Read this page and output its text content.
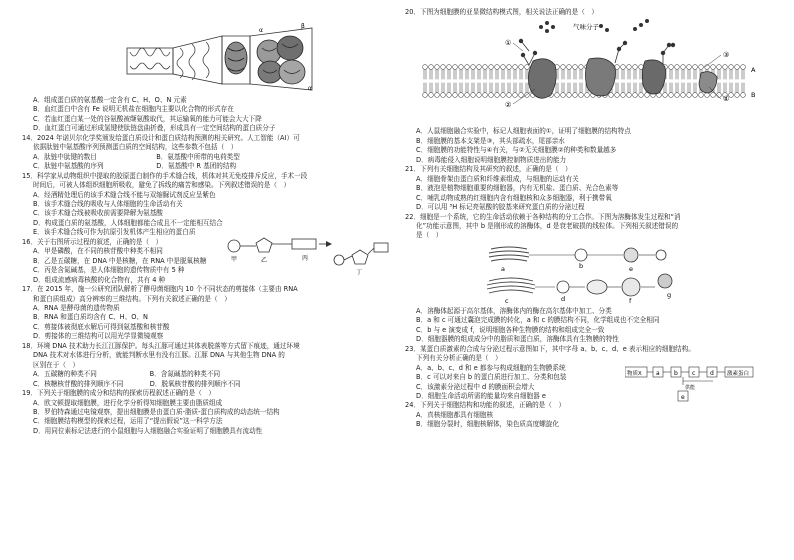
α
β
α
A．组成蛋白质的氨基酸一定含有 C、H、O、N 元素
B．血红蛋白中含有 Fe 说明无机盐在细胞内主要以化合物的形式存在
C．若血红蛋白某一处的谷氨酸被缬氨酸取代，其运输氧的能力可能会大大下降
D．血红蛋白可通过形成氢键使肽链盘曲折叠，形成具有一定空间结构的蛋白质分子
14．2024 年诺贝尔化学奖颁发给蛋白质设计和蛋白质结构预测的相关研究。人工智能（AI）可
依据肽链中氨基酸序列预测蛋白质的空间结构，这些参数不包括（　）
A．肽链中肽键的数目　　　　　　　　　B．氨基酸中所带的电荷类型
C．肽链中氨基酸的序列　　　　　　　　D．氨基酸中 R 基团的结构
15．科学家从动物组织中提取的胶原蛋白制作的手术缝合线，机体对其无免疫排斥反应，手术一段
时间后，可被人体组织细胞所吸收，避免了拆线的痛苦和感染。下列叙述错误的是（　）
A．经酒精处理后的该手术缝合线不能与双缩脲试剂反应呈紫色
B．该手术缝合线的吸收与人体细胞的生命活动有关
C．该手术缝合线被吸收前需要降解为氨基酸
D．构成蛋白质的氨基酸，人体细胞都能合成且不一定能相互结合
E．该手术缝合线可作为抗原引发机体产生相应的蛋白质
16．关于右图所示过程的叙述，正确的是（　）
甲	乙	丙
丁
A．甲是磷酸，在不同的核苷酸中种类不相同
B．乙是五碳糖，在 DNA 中是核糖，在 RNA 中是脱氧核糖
C．丙是含氮碱基，是人体细胞的遗传物质中有 5 种
D．组成流感病毒核酸的化合物有，共有 4 种
17．在 2015 年，施一公研究团队解析了酵母菌细胞内 10 个不同状态的剪接体（主要由 RNA
和蛋白质组成）高分辨率的三维结构。下列有关叙述正确的是（　）
A．RNA 是酵母菌的遗传物质
B．RNA 和蛋白质均含有 C、H、O、N
C．剪接体被彻底水解后可得到氨基酸和核苷酸
D．剪接体的三维结构可以用光学显微镜观察
18．环境 DNA 技术助力长江江豚保护。每头江豚可通过其体表脱落等方式留下痕迹，通过环境
DNA 技术对水体进行分析，就能判断水里有没有江豚。江豚 DNA 与其他生物 DNA 的
区别在于（　）
A．五碳糖的种类不同　　　　　　　　B．含氮碱基的种类不同
C．核糖核苷酸的排列顺序不同　　　　D．脱氧核苷酸的排列顺序不同
19．下列关于细胞膜的成分和结构的探索历程叙述正确的是（　）
A．欧文顿提取细胞膜，进行化学分析得知细胞膜主要由脂质组成
B．罗伯特森通过电镜观察，提出细胞膜是由蛋白质-脂质-蛋白质构成的动态统一结构
C．细胞膜结构模型的探索过程，运用了“提出假说”这一科学方法
D．用同位素标记法进行的小鼠细胞与人细胞融合实验证明了细胞膜具有流动性
20．下图为细胞膜的亚显微结构模式图，相关说法正确的是（　）
气味分子
①
②
③
④
A
B
A．人鼠细胞融合实验中，标记人细胞表面的①，证明了细胞膜的结构特点
B．细胞膜的基本支架是③，其头部疏水，尾部亲水
C．细胞膜的功能特性与④有关，与②无关细胞膜②的种类和数量越多
D．病毒能侵入细胞说明细胞膜控制物质进出的能力
21．下列有关细胞结构及其研究的叙述，正确的是（　）
A．细胞骨架由蛋白质和纤维素组成，与细胞的运动有关
B．液泡是植物细胞重要的细胞器，内有无机盐、蛋白质、光合色素等
C．哺乳动物成熟的红细胞内含有细胞核和众多细胞器，利于携带氧
D．可以用 ³H 标记亮氨酸的胶基来研究蛋白质的分泌过程
22．细胞是一个系统，它的生命活动依赖于各种结构的分工合作。下图为溶酶体发生过程和“消
化”功能示意图，其中 b 是刚形成的溶酶体，d 是衰老破损的线粒体。下列相关叙述错误的
是（　）
a	b
c	d
e
f
g
A．溶酶体起源于高尔基体，溶酶体内的酶在高尔基体中加工、分类
B．a 和 c 可通过囊泡完成膜的转化，a 和 c 的膜结构不同，化学组成也不完全相同
C．b 与 e 演变成 f，说明细胞各种生物膜的结构和组成完全一致
D．细胞器膜的组成成分中的脂质和蛋白质，溶酶体具有生物膜的特性
23．某蛋白质激素的合成与分泌过程示意图如下，其中字母 a、b、c、d、e 表示相应的细胞结构。
下列有关分析正确的是（　）
A．a、b、c、d 和 e 都参与构成细胞的生物膜系统
B．c 可以对来自 b 的蛋白质进行加工、分类和包装
C．该激素分泌过程中 d 的膜面积会增大
D．细胞生命活动所需的能量均来自细胞器 e
物质X a b c d 激素蛋白
供能
e
24．下列关于细胞结构和功能的叙述，正确的是（　）
A．真核细胞都具有细胞核
B．细胞分裂时，细胞核解体，染色质高度螺旋化
